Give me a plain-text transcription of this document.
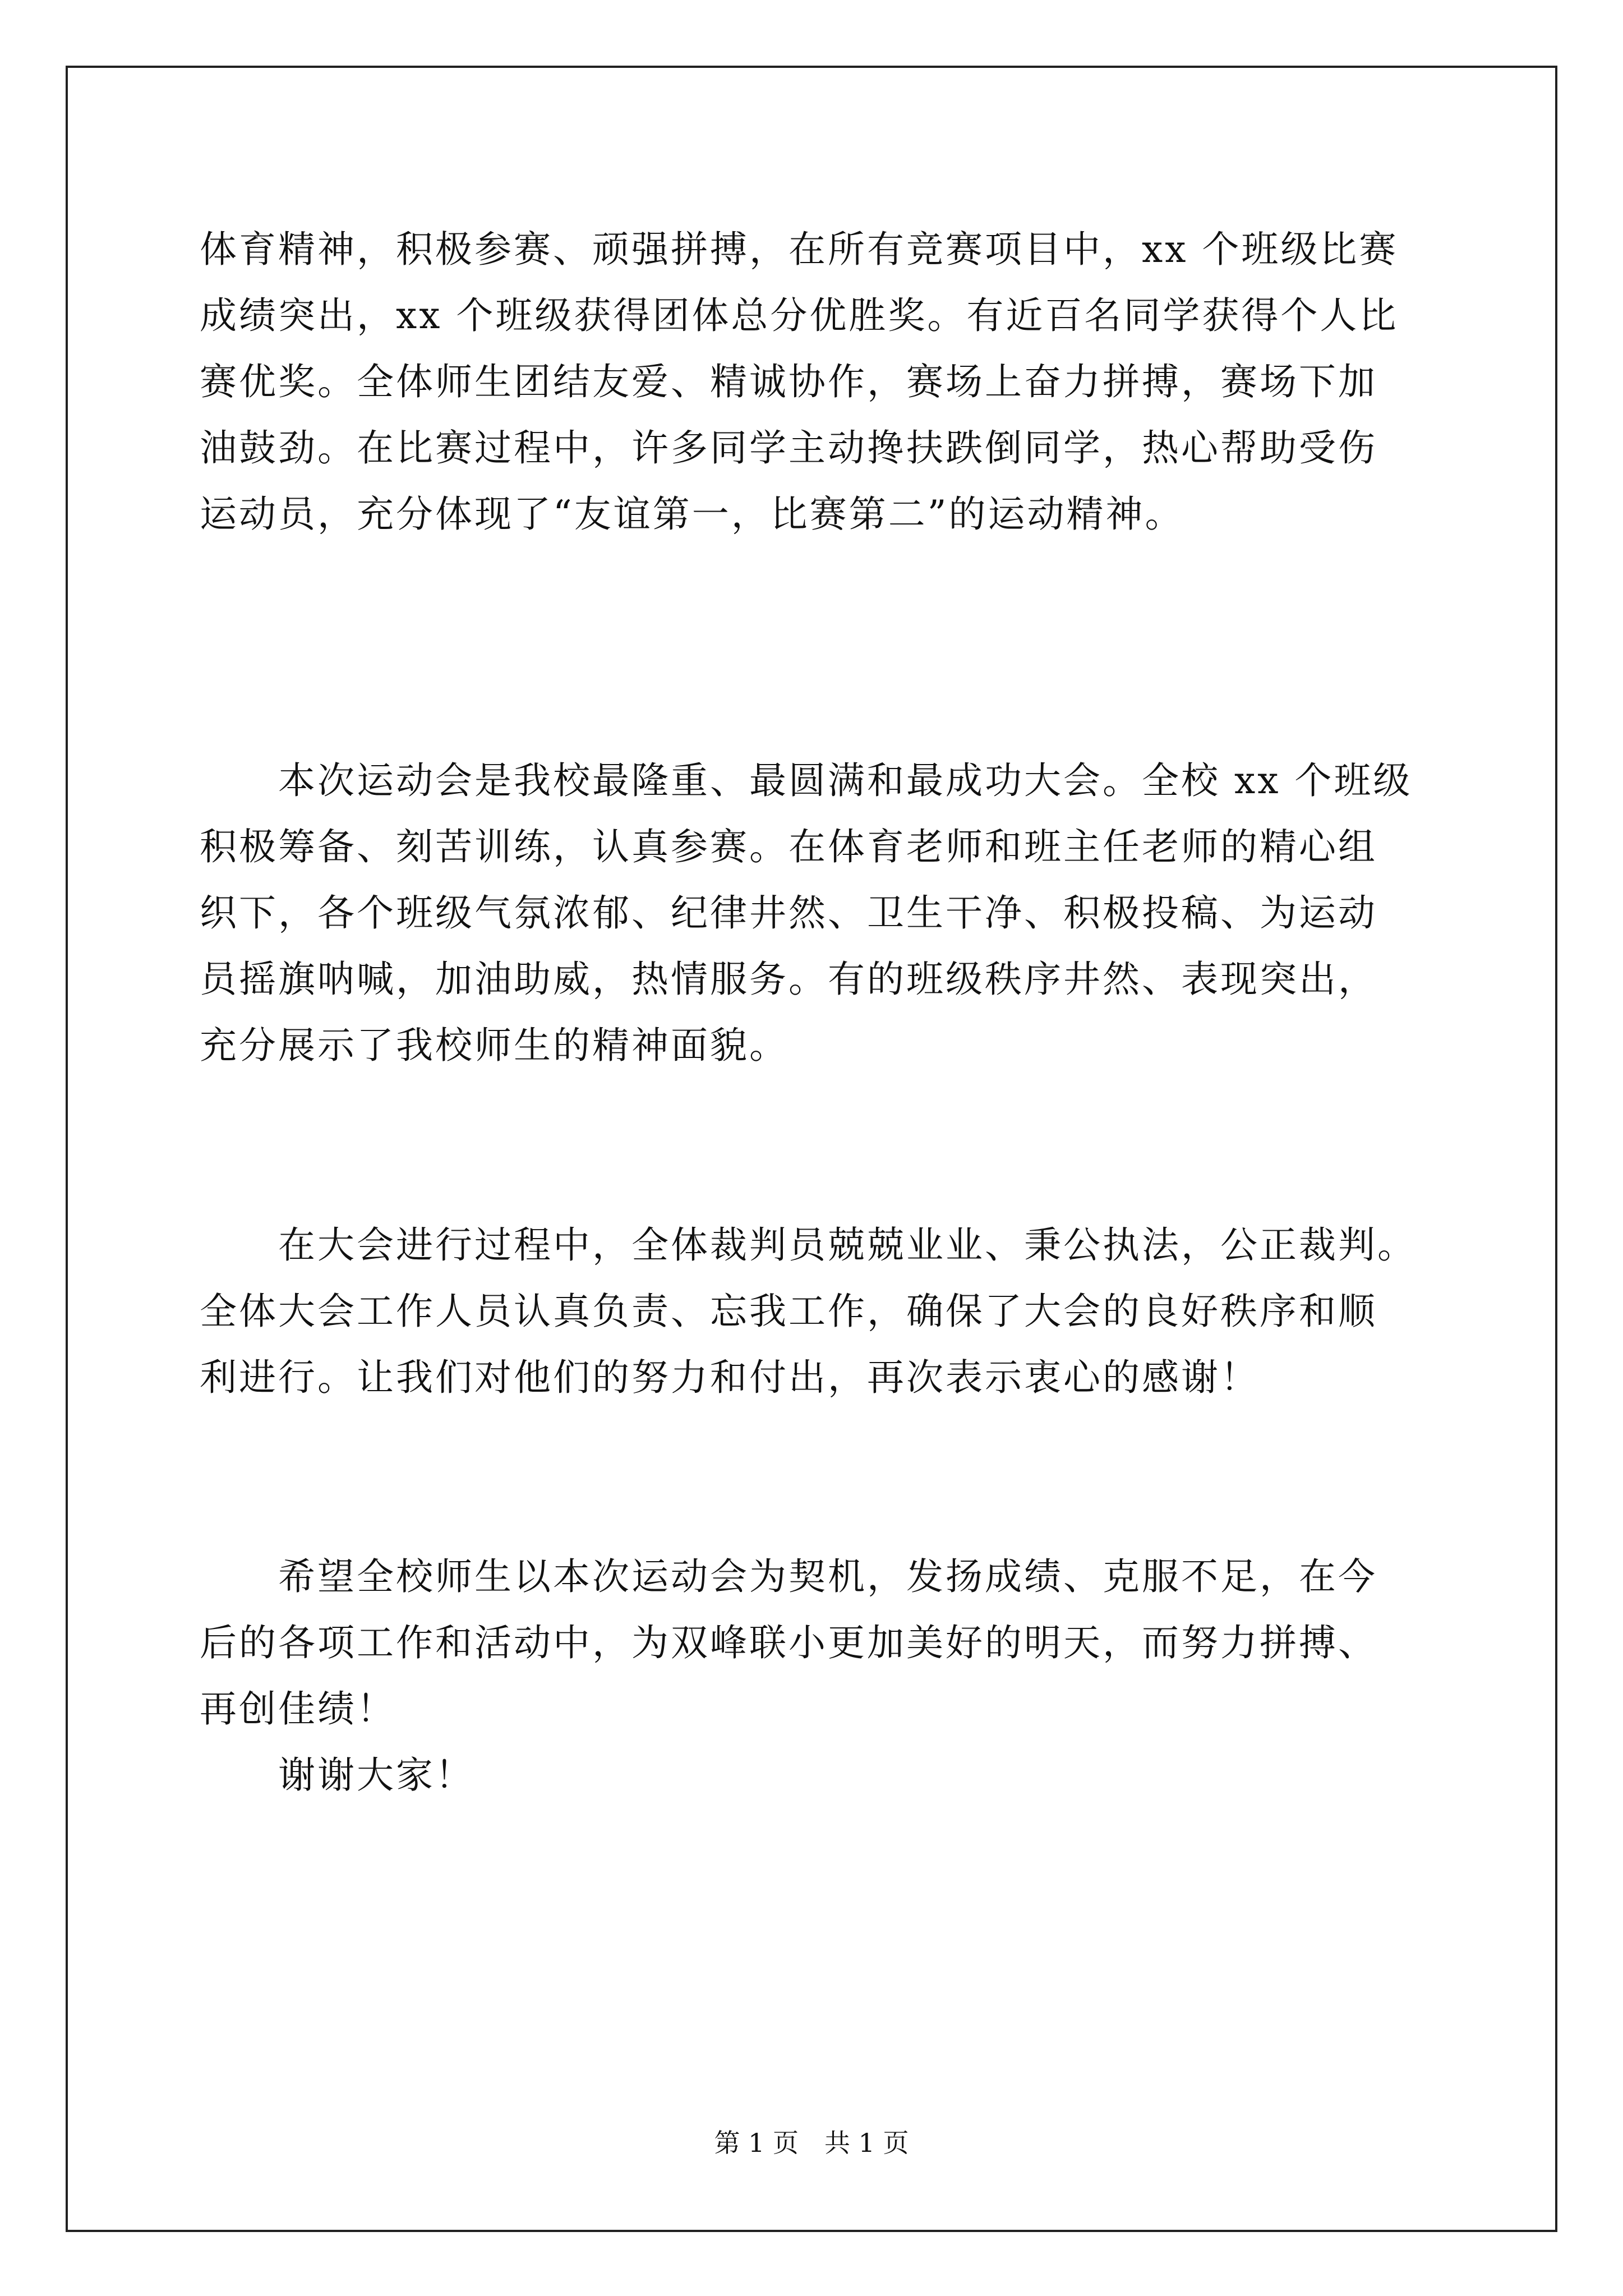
体育精神，积极参赛、顽强拼搏，在所有竞赛项目中，xx 个班级比赛
成绩突出，xx 个班级获得团体总分优胜奖。有近百名同学获得个人比
赛优奖。全体师生团结友爱、精诚协作，赛场上奋力拼搏，赛场下加
油鼓劲。在比赛过程中，许多同学主动搀扶跌倒同学，热心帮助受伤
运动员，充分体现了“友谊第一，比赛第二”的运动精神。
　　本次运动会是我校最隆重、最圆满和最成功大会。全校 xx 个班级
积极筹备、刻苦训练，认真参赛。在体育老师和班主任老师的精心组
织下，各个班级气氛浓郁、纪律井然、卫生干净、积极投稿、为运动
员摇旗呐喊，加油助威，热情服务。有的班级秩序井然、表现突出，
充分展示了我校师生的精神面貌。
　　在大会进行过程中，全体裁判员兢兢业业、秉公执法，公正裁判。
全体大会工作人员认真负责、忘我工作，确保了大会的良好秩序和顺
利进行。让我们对他们的努力和付出，再次表示衷心的感谢！
　　希望全校师生以本次运动会为契机，发扬成绩、克服不足，在今
后的各项工作和活动中，为双峰联小更加美好的明天，而努力拼搏、
再创佳绩！
　　谢谢大家！
第 1 页　共 1 页
